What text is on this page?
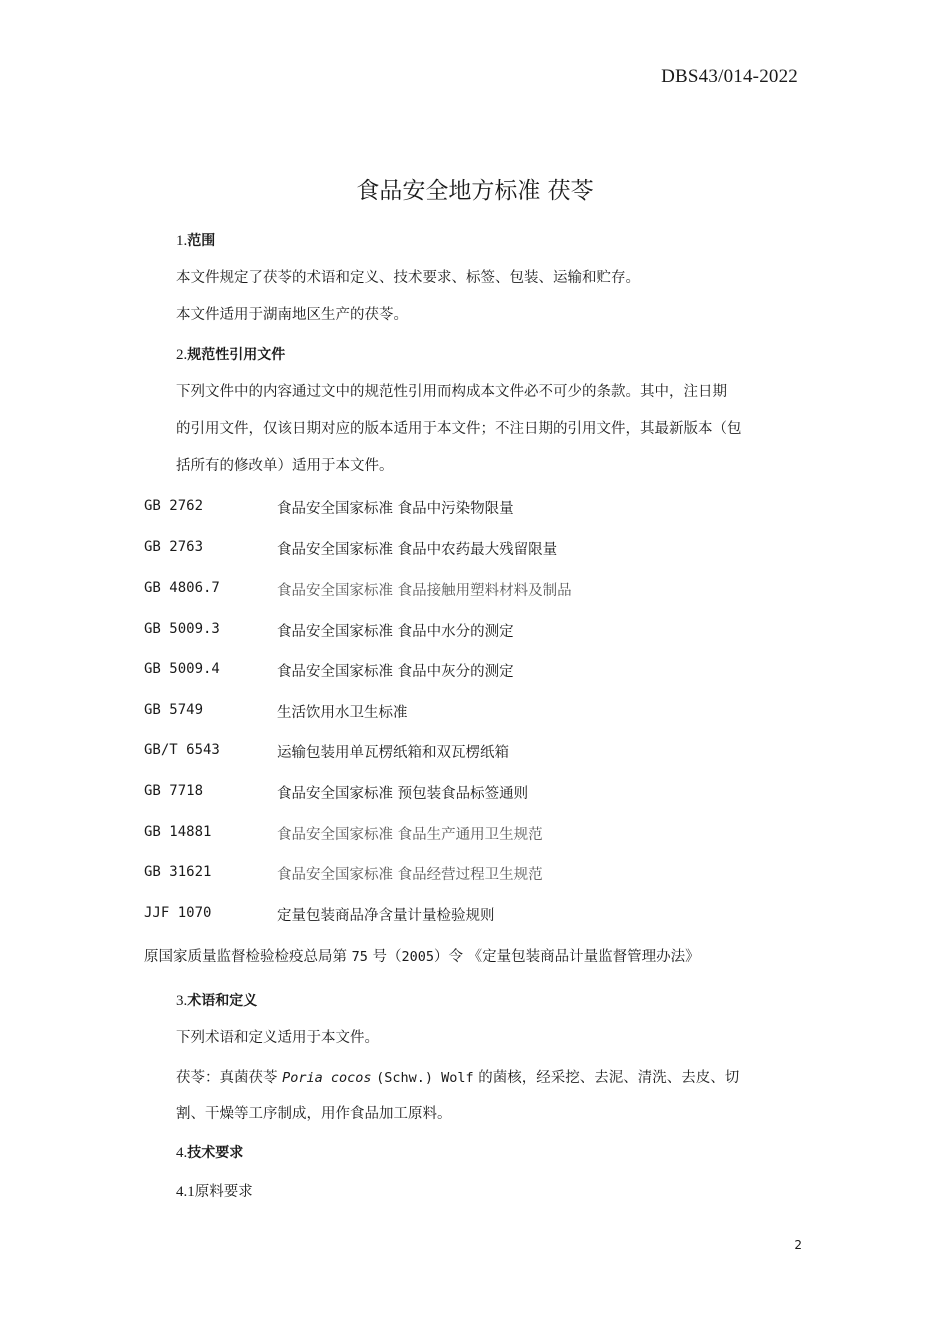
DBS43/014-2022
食品安全地方标准 茯苓
1.范围
本文件规定了茯苓的术语和定义、技术要求、标签、包装、运输和贮存。
本文件适用于湖南地区生产的茯苓。
2.规范性引用文件
下列文件中的内容通过文中的规范性引用而构成本文件必不可少的条款。其中，注日期
的引用文件，仅该日期对应的版本适用于本文件；不注日期的引用文件，其最新版本（包
括所有的修改单）适用于本文件。
GB 2762	食品安全国家标准 食品中污染物限量
GB 2763	食品安全国家标准 食品中农药最大残留限量
GB 4806.7	食品安全国家标准 食品接触用塑料材料及制品
GB 5009.3	食品安全国家标准 食品中水分的测定
GB 5009.4	食品安全国家标准 食品中灰分的测定
GB 5749	生活饮用水卫生标准
GB/T 6543	运输包装用单瓦楞纸箱和双瓦楞纸箱
GB 7718	食品安全国家标准 预包装食品标签通则
GB 14881	食品安全国家标准 食品生产通用卫生规范
GB 31621	食品安全国家标准 食品经营过程卫生规范
JJF 1070	定量包装商品净含量计量检验规则
原国家质量监督检验检疫总局第 75 号（2005）令 《定量包装商品计量监督管理办法》
3.术语和定义
下列术语和定义适用于本文件。
茯苓：真菌茯苓 Poria cocos (Schw.) Wolf 的菌核，经采挖、去泥、清洗、去皮、切
割、干燥等工序制成，用作食品加工原料。
4.技术要求
4.1原料要求
2
